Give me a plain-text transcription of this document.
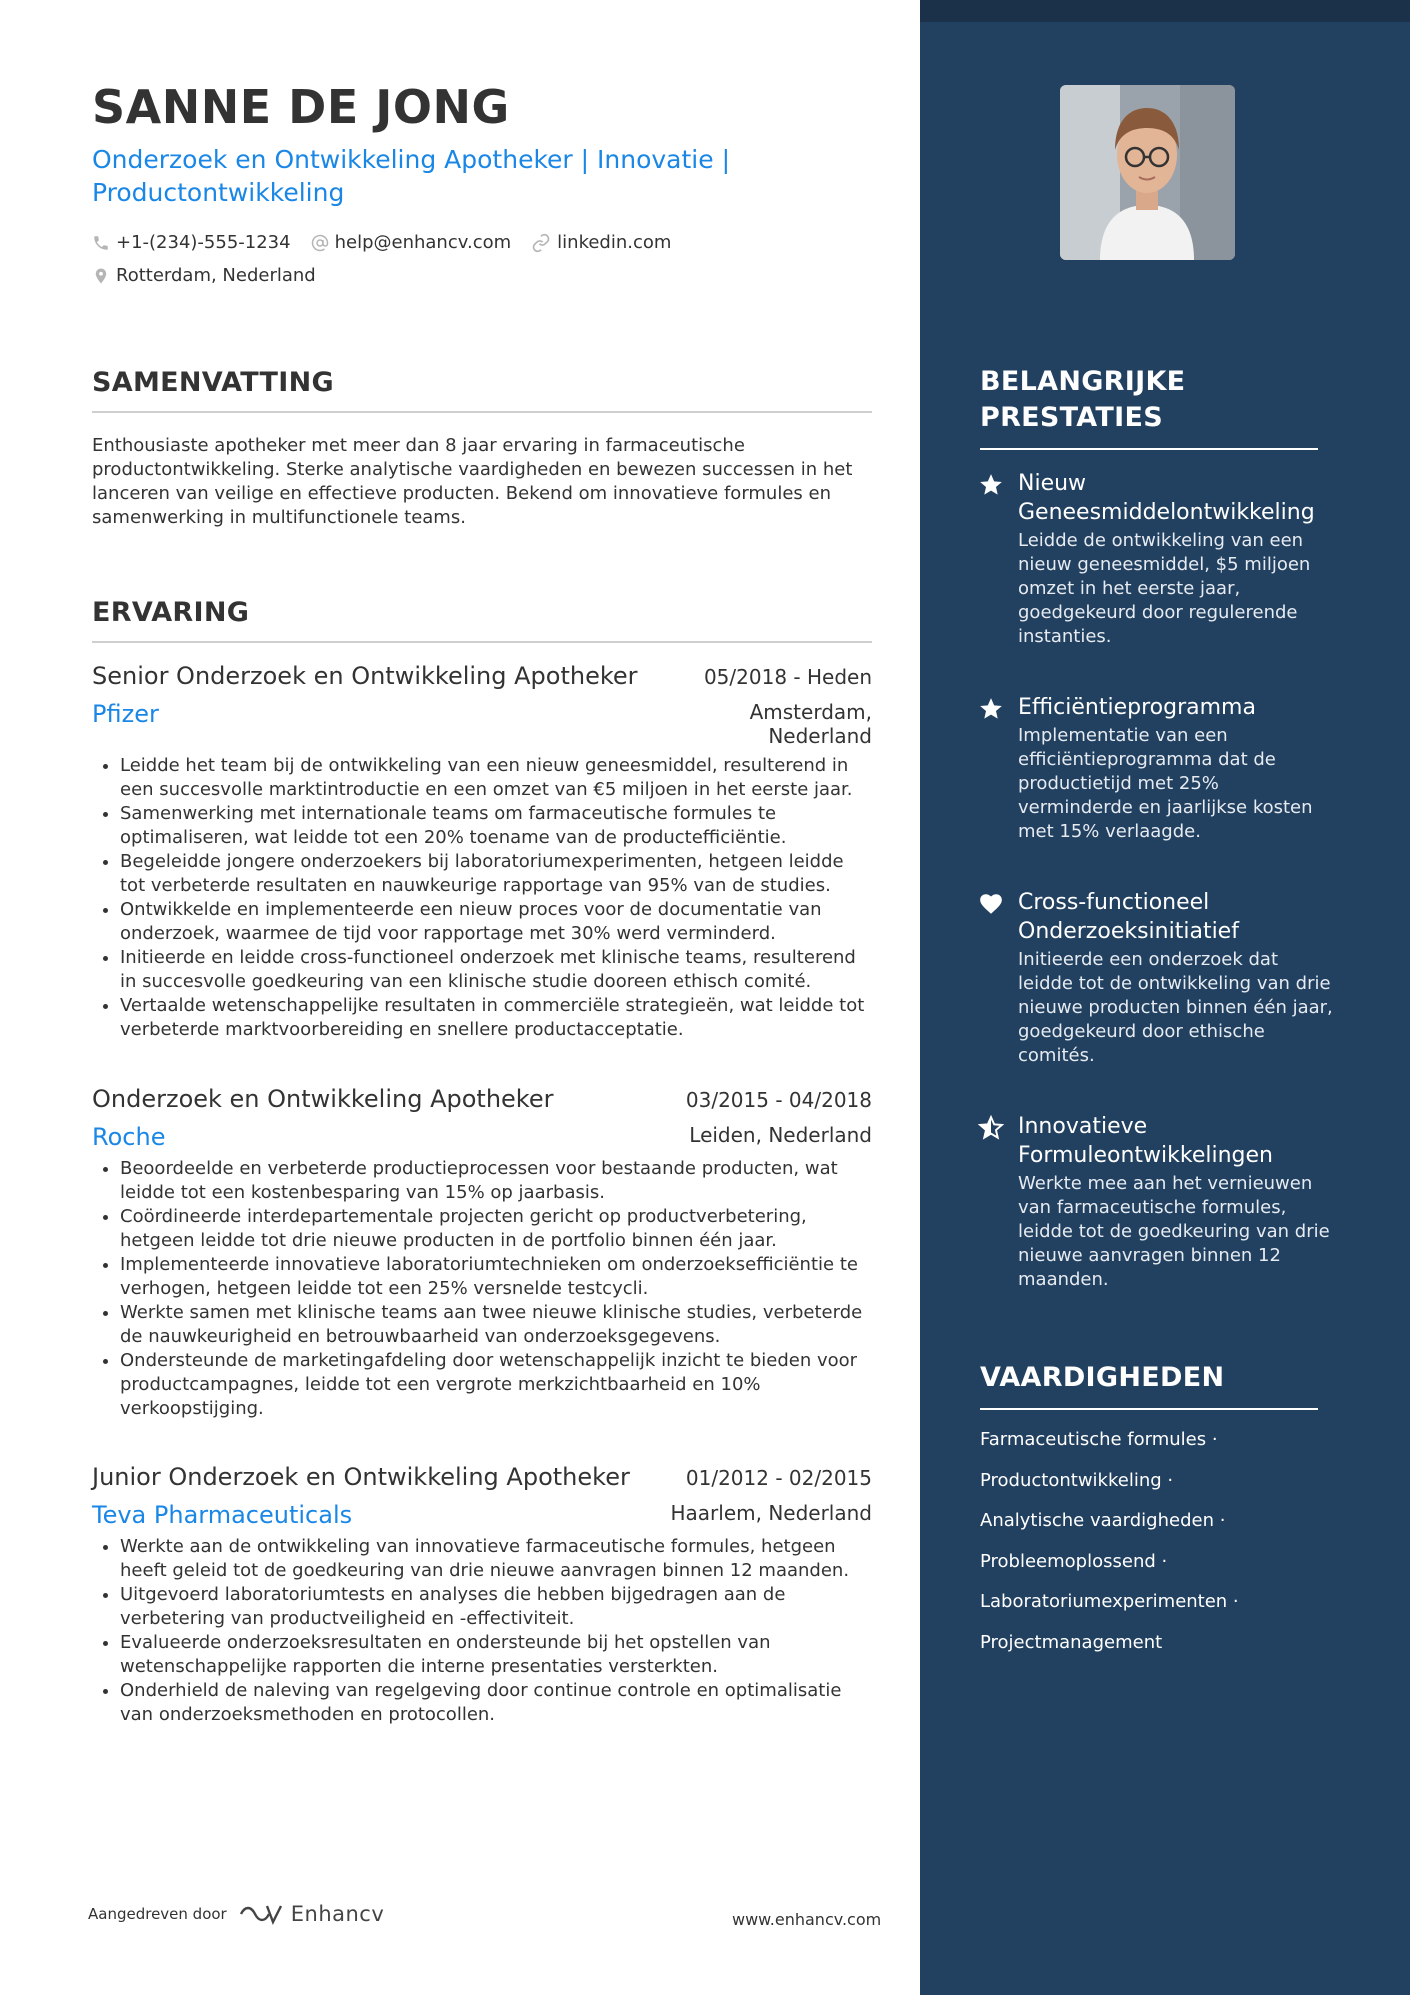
SANNE DE JONG
Onderzoek en Ontwikkeling Apotheker | Innovatie | Productontwikkeling
+1-(234)-555-1234 help@enhancv.com	linkedin.com
Rotterdam, Nederland
SAMENVATTING

Enthousiaste apotheker met meer dan 8 jaar ervaring in farmaceutische productontwikkeling. Sterke analytische vaardigheden en bewezen successen in het lanceren van veilige en effectieve producten. Bekend om innovatieve formules en samenwerking in multifunctionele teams.

ERVARING
Senior Onderzoek en Ontwikkeling Apotheker	05/2018 - Heden
Pfizer	Amsterdam, Nederland
• Leidde het team bij de ontwikkeling van een nieuw geneesmiddel, resulterend in een succesvolle marktintroductie en een omzet van €5 miljoen in het eerste jaar.
• Samenwerking met internationale teams om farmaceutische formules te optimaliseren, wat leidde tot een 20% toename van de productefficiëntie.
• Begeleidde jongere onderzoekers bij laboratoriumexperimenten, hetgeen leidde tot verbeterde resultaten en nauwkeurige rapportage van 95% van de studies.
• Ontwikkelde en implementeerde een nieuw proces voor de documentatie van onderzoek, waarmee de tijd voor rapportage met 30% werd verminderd.
• Initieerde en leidde cross-functioneel onderzoek met klinische teams, resulterend in succesvolle goedkeuring van een klinische studie dooreen ethisch comité.
• Vertaalde wetenschappelijke resultaten in commerciële strategieën, wat leidde tot verbeterde marktvoorbereiding en snellere productacceptatie.
Onderzoek en Ontwikkeling Apotheker	03/2015 - 04/2018
Roche	Leiden, Nederland
• Beoordeelde en verbeterde productieprocessen voor bestaande producten, wat leidde tot een kostenbesparing van 15% op jaarbasis.
• Coördineerde interdepartementale projecten gericht op productverbetering, hetgeen leidde tot drie nieuwe producten in de portfolio binnen één jaar.
• Implementeerde innovatieve laboratoriumtechnieken om onderzoeksefficiëntie te verhogen, hetgeen leidde tot een 25% versnelde testcycli.
• Werkte samen met klinische teams aan twee nieuwe klinische studies, verbeterde de nauwkeurigheid en betrouwbaarheid van onderzoeksgegevens.
• Ondersteunde de marketingafdeling door wetenschappelijk inzicht te bieden voor productcampagnes, leidde tot een vergrote merkzichtbaarheid en 10% verkoopstijging.
Junior Onderzoek en Ontwikkeling Apotheker	01/2012 - 02/2015
Teva Pharmaceuticals	Haarlem, Nederland
• Werkte aan de ontwikkeling van innovatieve farmaceutische formules, hetgeen heeft geleid tot de goedkeuring van drie nieuwe aanvragen binnen 12 maanden.
• Uitgevoerd laboratoriumtests en analyses die hebben bijgedragen aan de verbetering van productveiligheid en -effectiviteit.
• Evalueerde onderzoeksresultaten en ondersteunde bij het opstellen van wetenschappelijke rapporten die interne presentaties versterkten.
• Onderhield de naleving van regelgeving door continue controle en optimalisatie van onderzoeksmethoden en protocollen.
Aangedreven door	Enhancv	www.enhancv.com
BELANGRIJKE PRESTATIES
Nieuw Geneesmiddelontwikkeling
Leidde de ontwikkeling van een nieuw geneesmiddel, $5 miljoen omzet in het eerste jaar, goedgekeurd door regulerende instanties.
Efficiëntieprogramma
Implementatie van een efficiëntieprogramma dat de productietijd met 25% verminderde en jaarlijkse kosten met 15% verlaagde.
Cross-functioneel Onderzoeksinitiatief
Initieerde een onderzoek dat leidde tot de ontwikkeling van drie nieuwe producten binnen één jaar, goedgekeurd door ethische comités.
Innovatieve Formuleontwikkelingen
Werkte mee aan het vernieuwen van farmaceutische formules, leidde tot de goedkeuring van drie nieuwe aanvragen binnen 12 maanden.
VAARDIGHEDEN
Farmaceutische formules ·
Productontwikkeling ·
Analytische vaardigheden ·
Probleemoplossend ·
Laboratoriumexperimenten ·
Projectmanagement
